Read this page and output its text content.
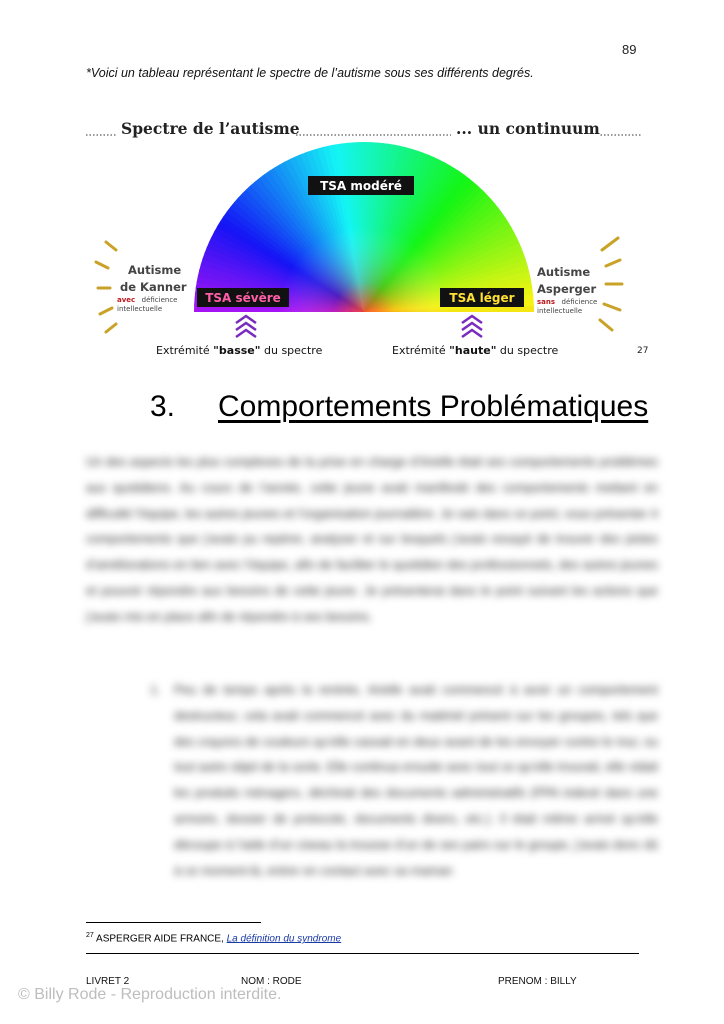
89
*Voici un tableau représentant le spectre de l’autisme sous ses différents degrés.
Spectre de l’autisme	... un continuum
TSA modéré
TSA sévère	TSA léger
Autisme
de Kanner
avec déficience
intellectuelle
Autisme
Asperger
sans déficience
intellectuelle
Extrémité "basse" du spectre	Extrémité "haute" du spectre	27
3. Comportements Problématiques
Un des aspects les plus complexes de la prise en charge d’Arielle était ses comportements problèmes aux quotidiens. Au cours de l’année, cette jeune avait manifesté des comportements mettant en difficulté l’équipe, les autres jeunes et l’organisation journalière. Je vais dans ce point, vous présenter 4 comportements que j’avais pu repérer, analyser et sur lesquels j’avais essayé de trouver des pistes d’améliorations en lien avec l’équipe, afin de faciliter le quotidien des professionnels, des autres jeunes et pouvoir répondre aux besoins de cette jeune. Je présenterai dans le point suivant les actions que j’avais mis en place afin de répondre à ses besoins.
1. Peu de temps après la rentrée, Arielle avait commencé à avoir un comportement destructeur, cela avait commencé avec du matériel présent sur les groupes, tels que des crayons de couleurs qu’elle cassait en deux avant de les envoyer contre le mur, ou tout autre objet de la sorte. Elle continua ensuite avec tout ce qu’elle trouvait, elle vidait les produits ménagers, déchirait des documents administratifs (PPA indexé dans une armoire, dossier de protocole, documents divers, etc.). Il était même arrivé qu’elle découpe à l’aide d’un ciseau la trousse d’un de ses pairs sur le groupe, j’avais donc dû à ce moment-là, entrer en contact avec sa maman
$^{27}$ ASPERGER AIDE FRANCE, La définition du syndrome
LIVRET 2	NOM : RODE	PRENOM : BILLY
© Billy Rode - Reproduction interdite.
